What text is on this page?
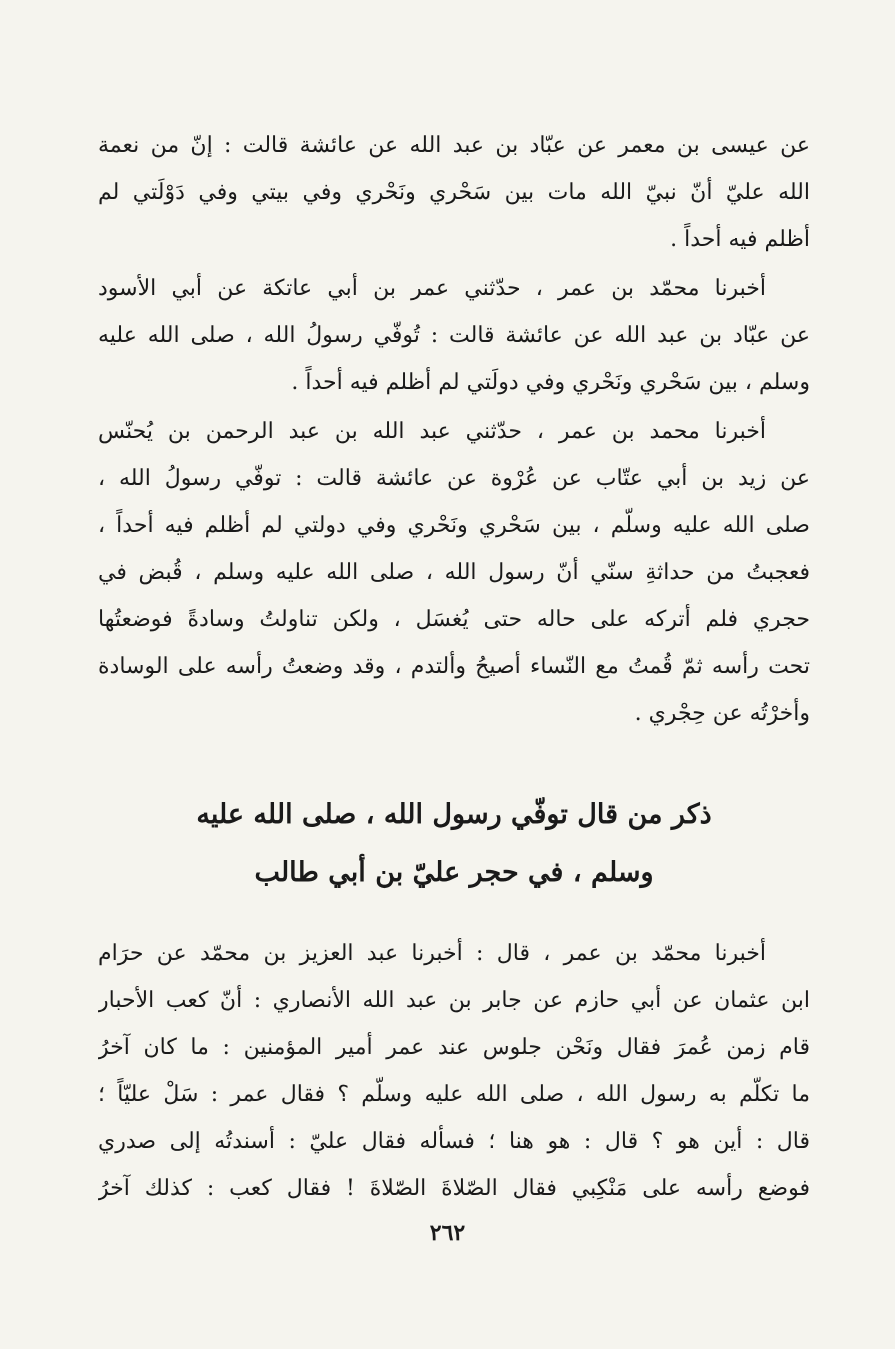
عن عيسى بن معمر عن عبّاد بن عبد الله عن عائشة قالت : إنّ من نعمة
الله عليّ أنّ نبيّ الله مات بين سَحْري ونَحْري وفي بيتي وفي دَوْلَتي لم
أظلم فيه أحداً .
أخبرنا محمّد بن عمر ، حدّثني عمر بن أبي عاتكة عن أبي الأسود
عن عبّاد بن عبد الله عن عائشة قالت : تُوفّي رسولُ الله ، صلى الله عليه
وسلم ، بين سَحْري ونَحْري وفي دولَتي لم أظلم فيه أحداً .
أخبرنا محمد بن عمر ، حدّثني عبد الله بن عبد الرحمن بن يُحنّس
عن زيد بن أبي عتّاب عن عُرْوة عن عائشة قالت : توفّي رسولُ الله ،
صلى الله عليه وسلّم ، بين سَحْري ونَحْري وفي دولتي لم أظلم فيه أحداً ،
فعجبتُ من حداثةِ سنّي أنّ رسول الله ، صلى الله عليه وسلم ، قُبض في
حجري فلم أتركه على حاله حتى يُغسَل ، ولكن تناولتُ وسادةً فوضعتُها
تحت رأسه ثمّ قُمتُ مع النّساء أصيحُ وألتدم ، وقد وضعتُ رأسه على الوسادة
وأخرْتُه عن حِجْري .
ذكر من قال توفّي رسول الله ، صلى الله عليه
وسلم ، في حجر عليّ بن أبي طالب
أخبرنا محمّد بن عمر ، قال : أخبرنا عبد العزيز بن محمّد عن حرَام
ابن عثمان عن أبي حازم عن جابر بن عبد الله الأنصاري : أنّ كعب الأحبار
قام زمن عُمرَ فقال ونَحْن جلوس عند عمر أمير المؤمنين : ما كان آخرُ
ما تكلّم به رسول الله ، صلى الله عليه وسلّم ؟ فقال عمر : سَلْ عليّاً ؛
قال : أين هو ؟ قال : هو هنا ؛ فسأله فقال عليّ : أسندتُه إلى صدري
فوضع رأسه على مَنْكِبي فقال الصّلاةَ الصّلاةَ ! فقال كعب : كذلك آخرُ
٢٦٢
